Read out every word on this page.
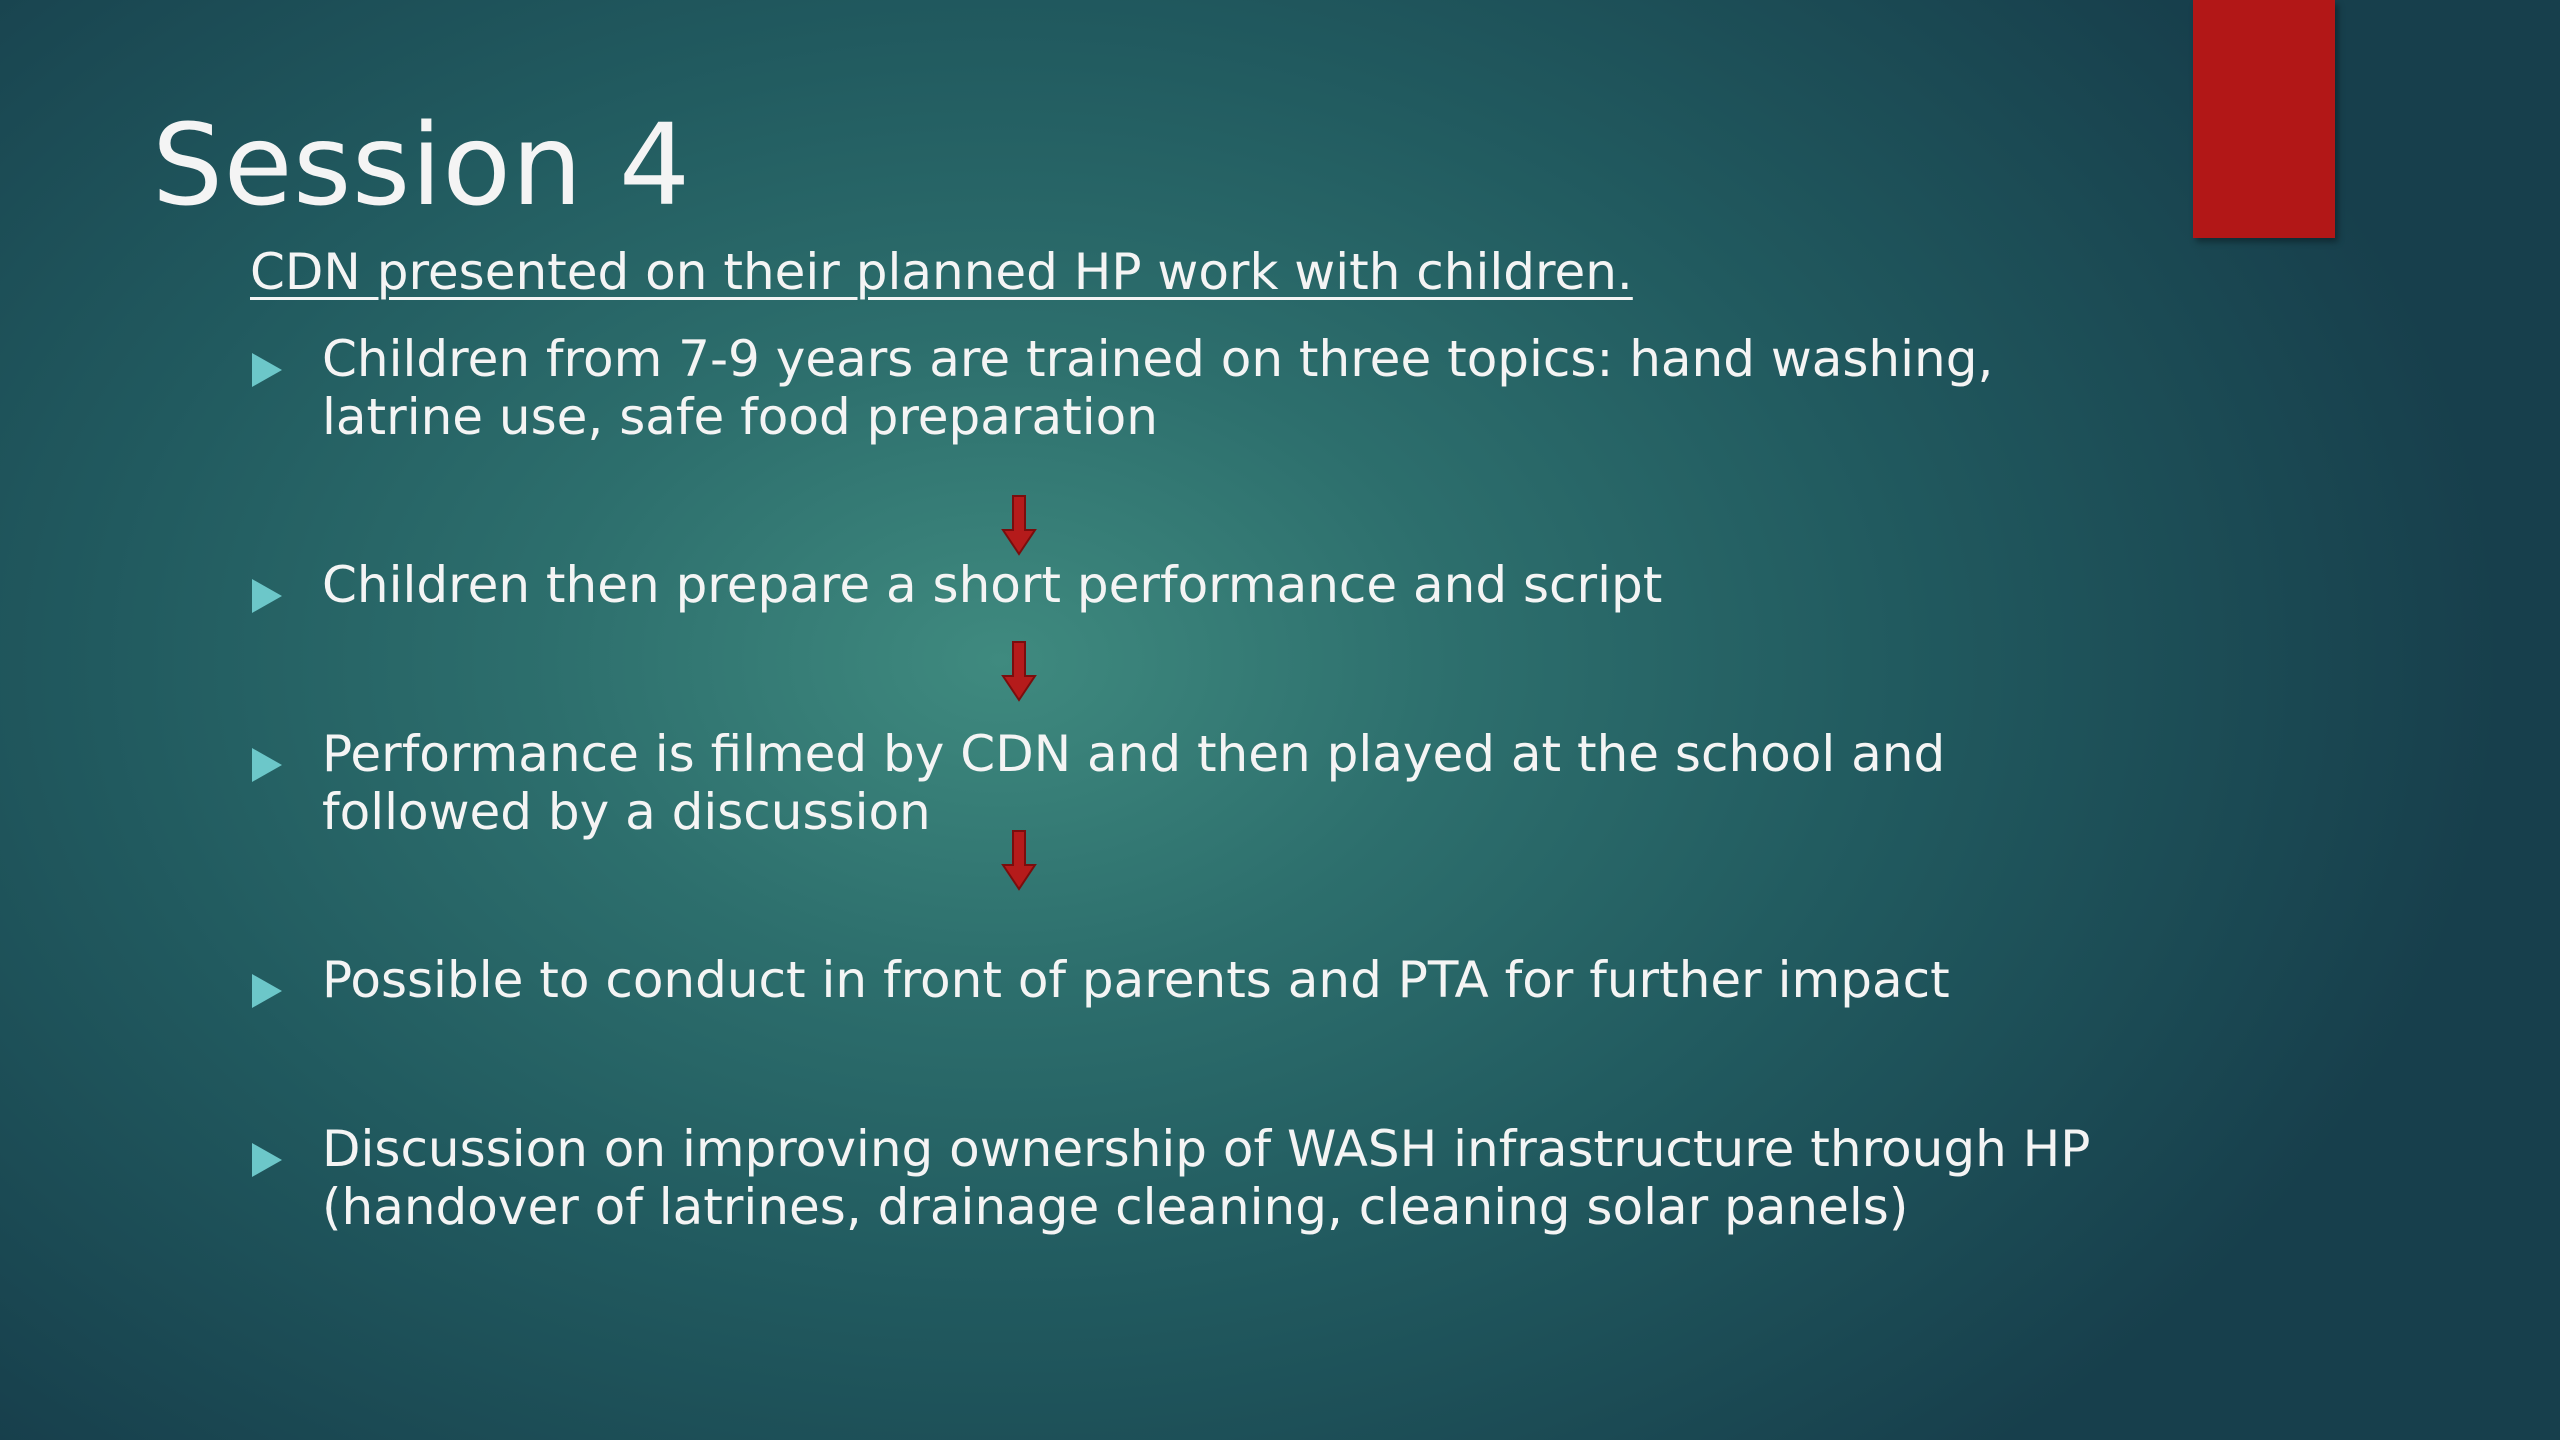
Session 4

CDN presented on their planned HP work with children.

Children from 7-9 years are trained on three topics: hand washing, latrine use, safe food preparation
Children then prepare a short performance and script
Performance is filmed by CDN and then played at the school and followed by a discussion
Possible to conduct in front of parents and PTA for further impact
Discussion on improving ownership of WASH infrastructure through HP (handover of latrines, drainage cleaning, cleaning solar panels)
